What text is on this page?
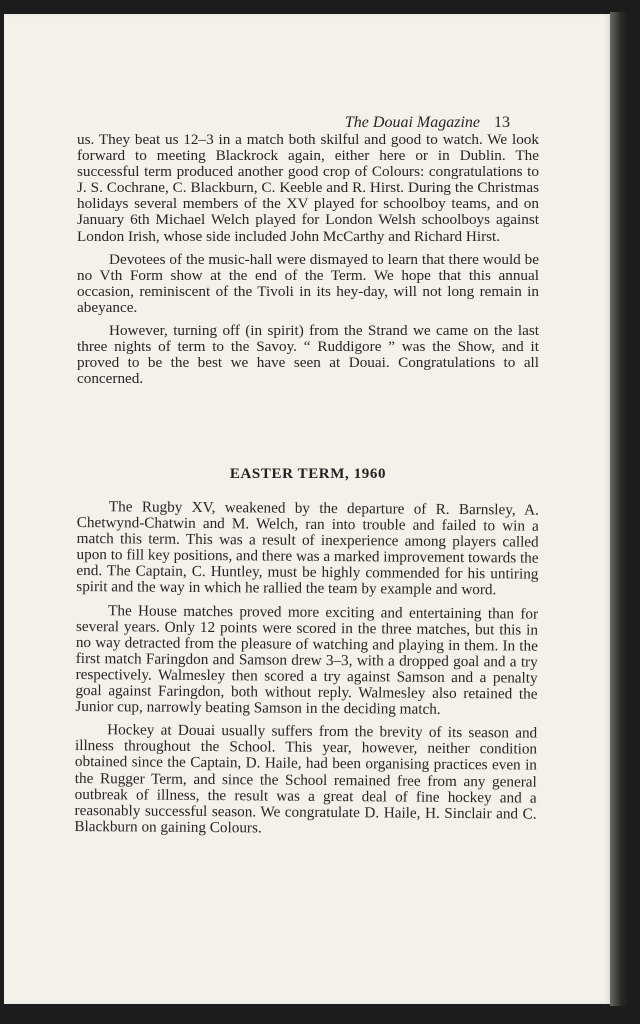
The Douai Magazine 13

us. They beat us 12–3 in a match both skilful and good to watch. We look forward to meeting Blackrock again, either here or in Dublin. The successful term produced another good crop of Colours: congratulations to J. S. Cochrane, C. Blackburn, C. Keeble and R. Hirst. During the Christmas holidays several members of the XV played for schoolboy teams, and on January 6th Michael Welch played for London Welsh schoolboys against London Irish, whose side included John McCarthy and Richard Hirst.

Devotees of the music-hall were dismayed to learn that there would be no Vth Form show at the end of the Term. We hope that this annual occasion, reminiscent of the Tivoli in its hey-day, will not long remain in abeyance.

However, turning off (in spirit) from the Strand we came on the last three nights of term to the Savoy. “ Ruddigore ” was the Show, and it proved to be the best we have seen at Douai. Congratulations to all concerned.

EASTER TERM, 1960

The Rugby XV, weakened by the departure of R. Barnsley, A. Chetwynd-Chatwin and M. Welch, ran into trouble and failed to win a match this term. This was a result of inexperience among players called upon to fill key positions, and there was a marked improvement towards the end. The Captain, C. Huntley, must be highly commended for his untiring spirit and the way in which he rallied the team by example and word.

The House matches proved more exciting and entertaining than for several years. Only 12 points were scored in the three matches, but this in no way detracted from the pleasure of watching and playing in them. In the first match Faringdon and Samson drew 3–3, with a dropped goal and a try respectively. Walmesley then scored a try against Samson and a penalty goal against Faringdon, both without reply. Walmesley also retained the Junior cup, narrowly beating Samson in the deciding match.

Hockey at Douai usually suffers from the brevity of its season and illness throughout the School. This year, however, neither condition obtained since the Captain, D. Haile, had been organising practices even in the Rugger Term, and since the School remained free from any general outbreak of illness, the result was a great deal of fine hockey and a reasonably successful season. We congratulate D. Haile, H. Sinclair and C. Blackburn on gaining Colours.
